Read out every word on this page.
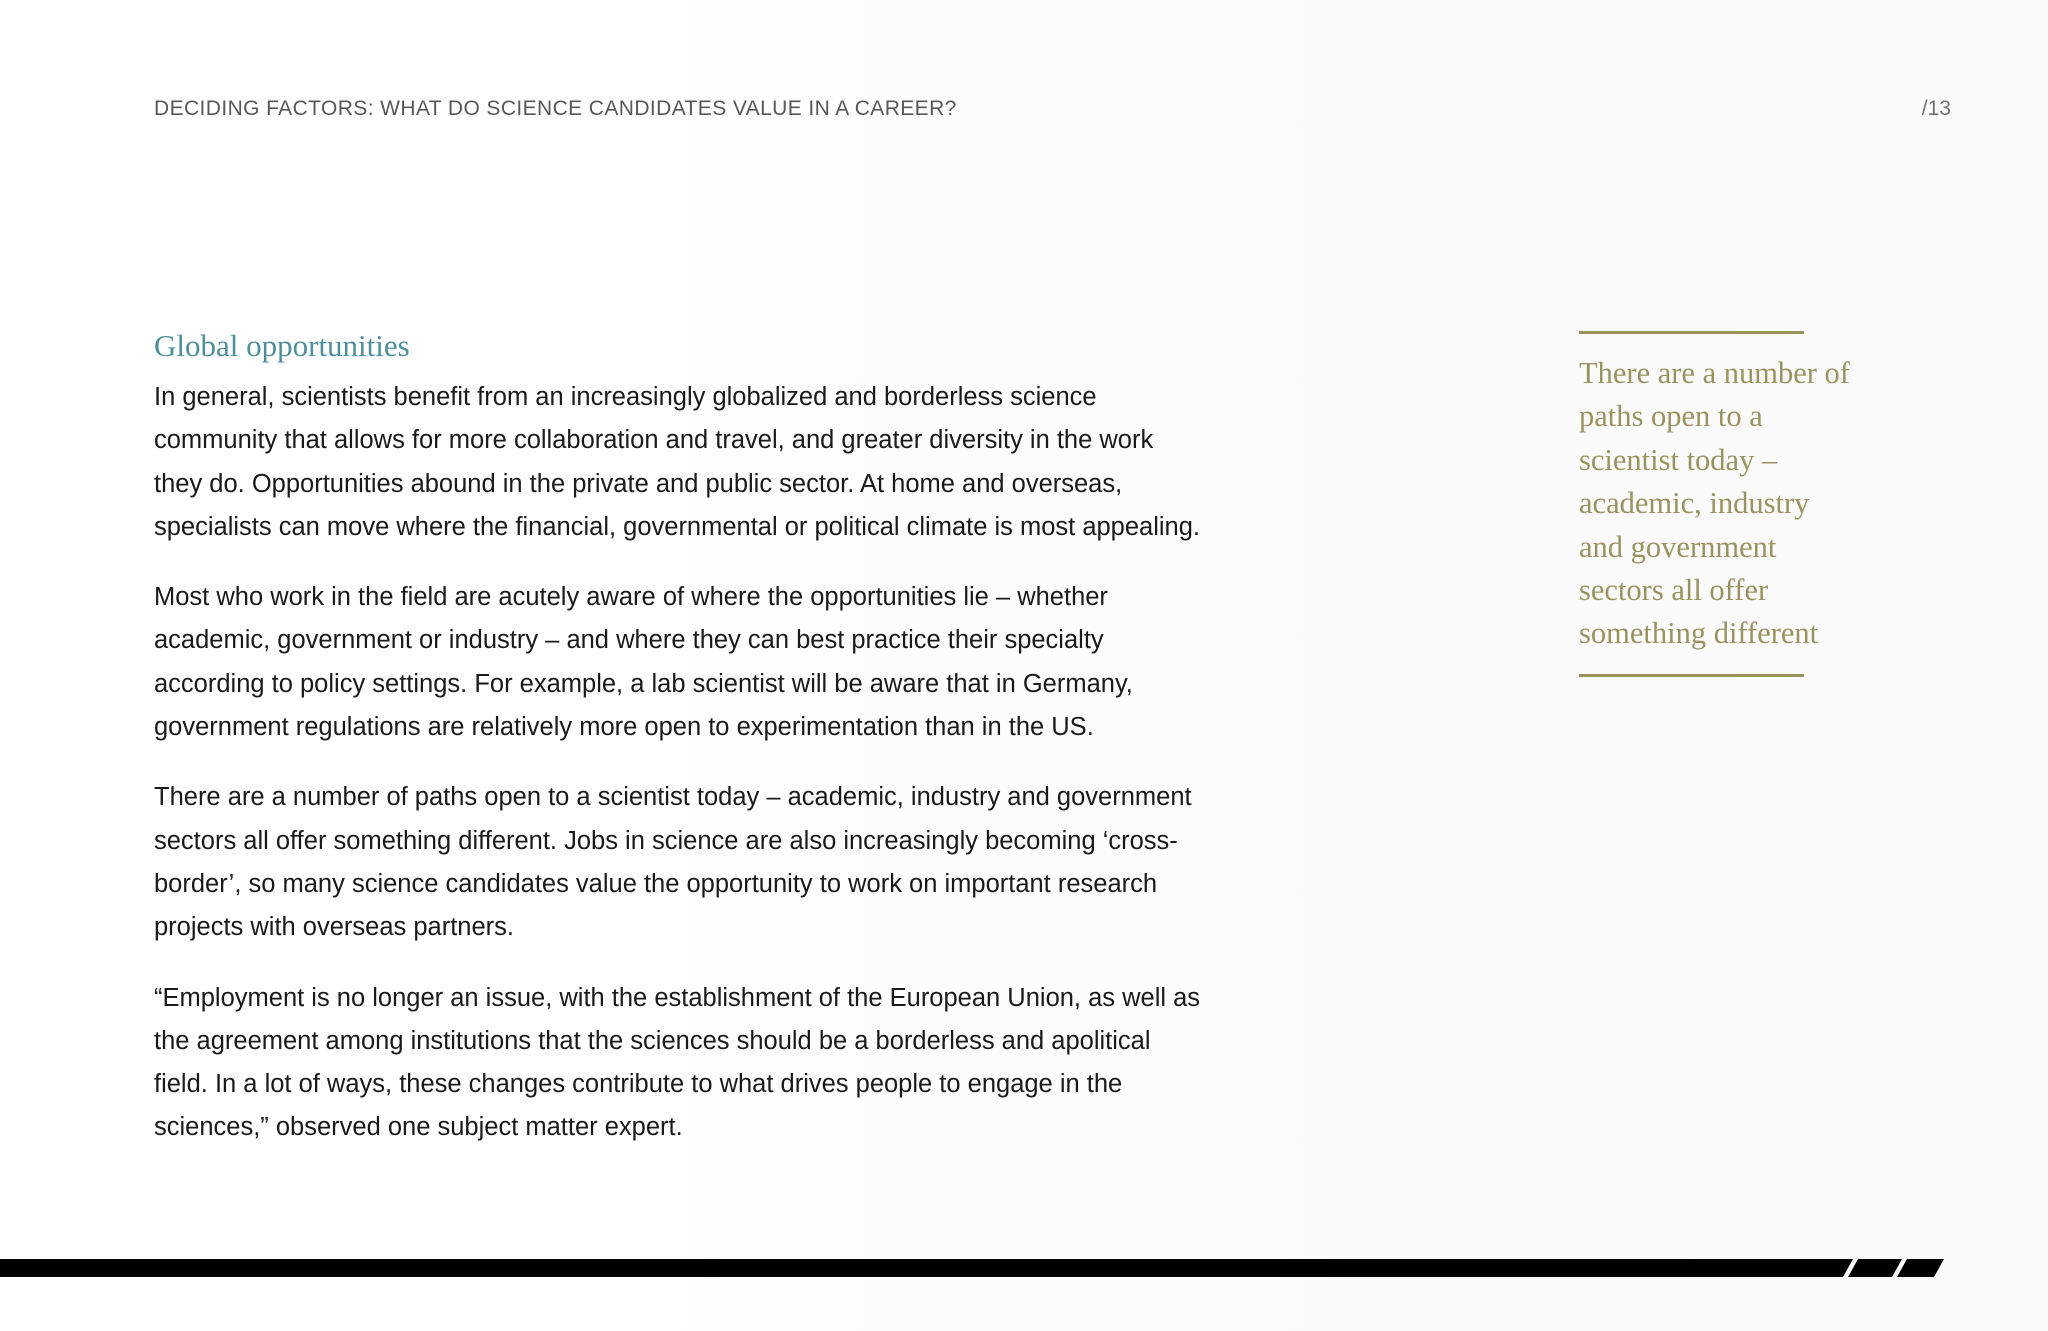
DECIDING FACTORS: WHAT DO SCIENCE CANDIDATES VALUE IN A CAREER?	/13
Global opportunities

In general, scientists benefit from an increasingly globalized and borderless science community that allows for more collaboration and travel, and greater diversity in the work they do. Opportunities abound in the private and public sector. At home and overseas, specialists can move where the financial, governmental or political climate is most appealing.

Most who work in the field are acutely aware of where the opportunities lie – whether academic, government or industry – and where they can best practice their specialty according to policy settings. For example, a lab scientist will be aware that in Germany, government regulations are relatively more open to experimentation than in the US.

There are a number of paths open to a scientist today – academic, industry and government sectors all offer something different. Jobs in science are also increasingly becoming ‘cross-border’, so many science candidates value the opportunity to work on important research projects with overseas partners.

“Employment is no longer an issue, with the establishment of the European Union, as well as the agreement among institutions that the sciences should be a borderless and apolitical field. In a lot of ways, these changes contribute to what drives people to engage in the sciences,” observed one subject matter expert.

There are a number of paths open to a scientist today – academic, industry and government sectors all offer something different
